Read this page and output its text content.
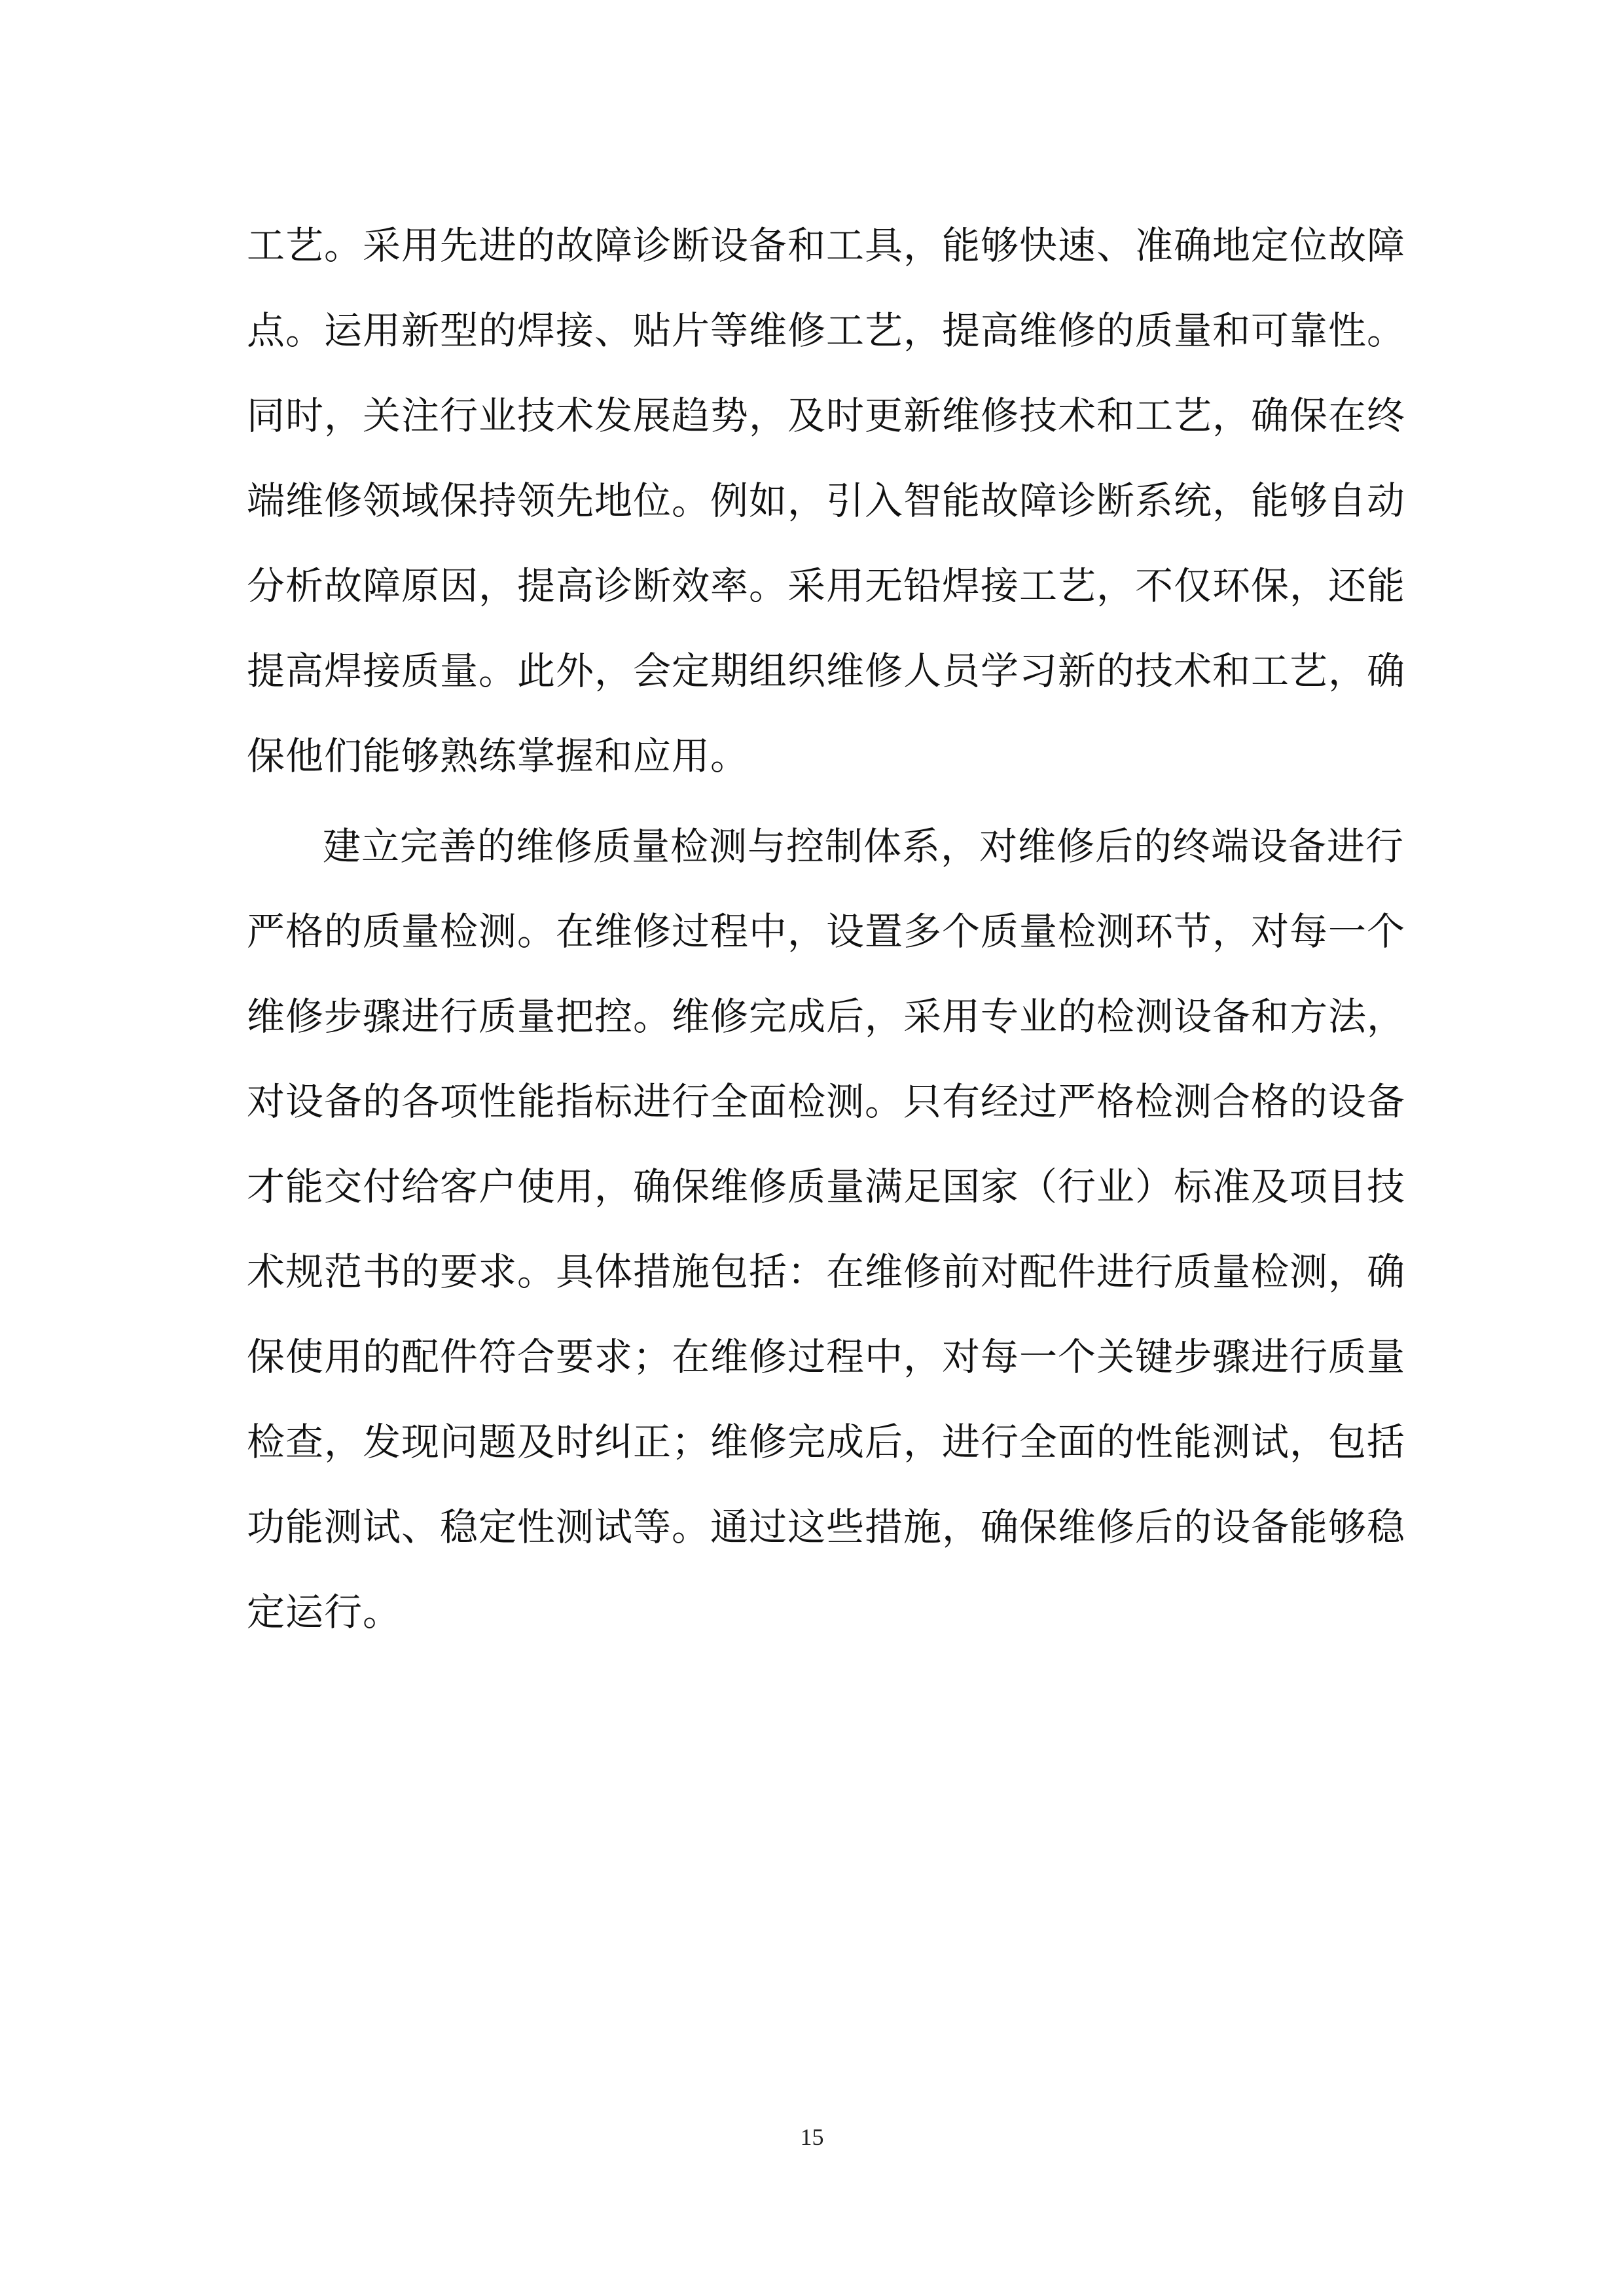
工艺。采用先进的故障诊断设备和工具，能够快速、准确地定位故障
点。运用新型的焊接、贴片等维修工艺，提高维修的质量和可靠性。
同时，关注行业技术发展趋势，及时更新维修技术和工艺，确保在终
端维修领域保持领先地位。例如，引入智能故障诊断系统，能够自动
分析故障原因，提高诊断效率。采用无铅焊接工艺，不仅环保，还能
提高焊接质量。此外，会定期组织维修人员学习新的技术和工艺，确
保他们能够熟练掌握和应用。
建立完善的维修质量检测与控制体系，对维修后的终端设备进行
严格的质量检测。在维修过程中，设置多个质量检测环节，对每一个
维修步骤进行质量把控。维修完成后，采用专业的检测设备和方法，
对设备的各项性能指标进行全面检测。只有经过严格检测合格的设备
才能交付给客户使用，确保维修质量满足国家（行业）标准及项目技
术规范书的要求。具体措施包括：在维修前对配件进行质量检测，确
保使用的配件符合要求；在维修过程中，对每一个关键步骤进行质量
检查，发现问题及时纠正；维修完成后，进行全面的性能测试，包括
功能测试、稳定性测试等。通过这些措施，确保维修后的设备能够稳
定运行。
15
